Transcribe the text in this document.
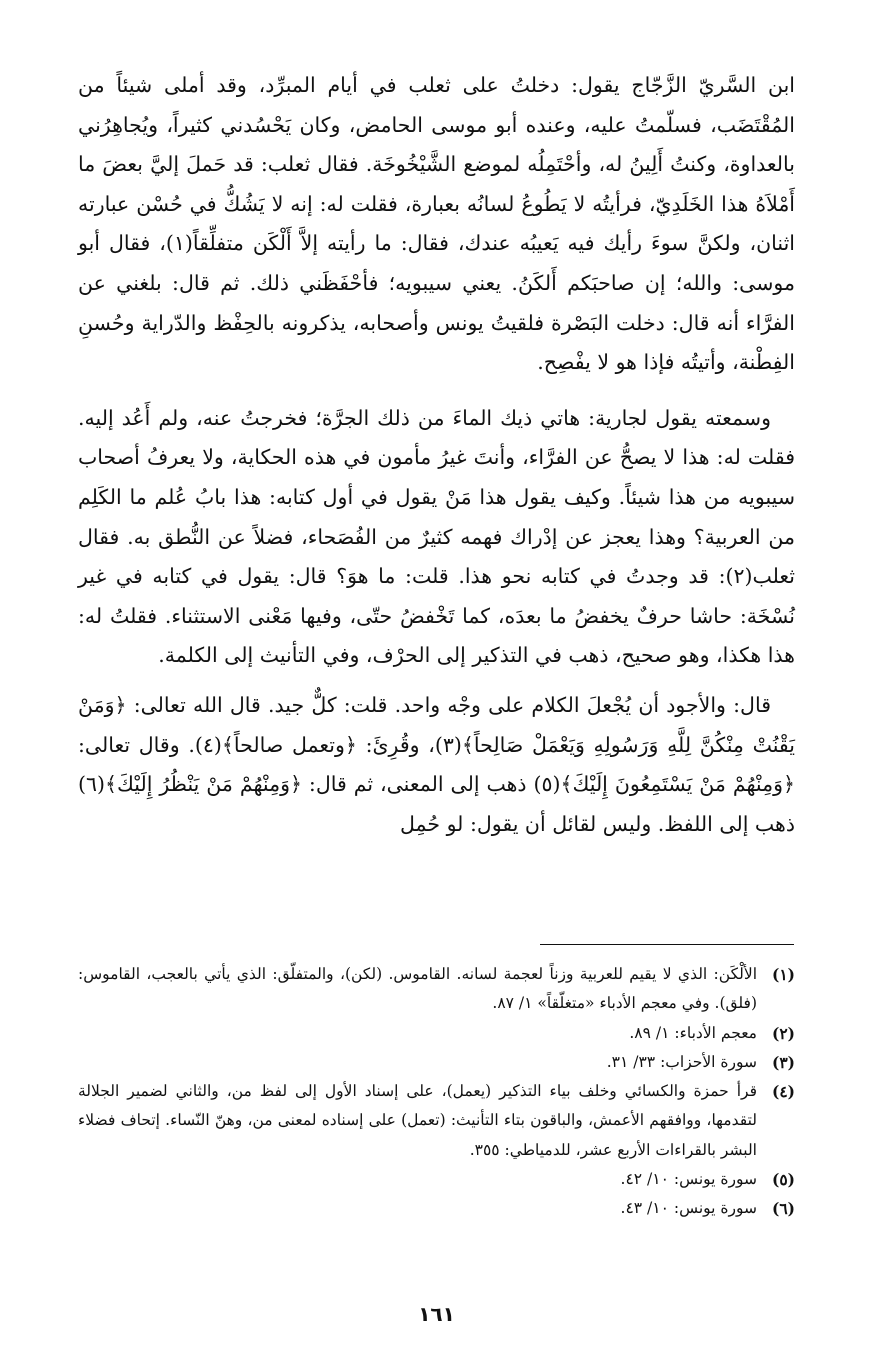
ابن السَّريّ الزَّجّاج يقول: دخلتُ على ثعلب في أيام المبرِّد، وقد أملى شيئاً من المُقْتَضَب، فسلّمتُ عليه، وعنده أبو موسى الحامض، وكان يَحْسُدني كثيراً، ويُجاهِرُني بالعداوة، وكنتُ أَلِينُ له، وأحْتَمِلُه لموضع الشَّيْخُوخَة. فقال ثعلب: قد حَملَ إليَّ بعضَ ما أَمْلاَهُ هذا الخَلَدِيّ، فرأيتُه لا يَطُوعُ لسانُه بعبارة، فقلت له: إنه لا يَشُكُّ في حُسْن عبارته اثنان، ولكنَّ سوءَ رأيك فيه يَعيبُه عندك، فقال: ما رأيته إلاَّ أَلْكَن متفلِّقاً(١)، فقال أبو موسى: والله؛ إن صاحبَكم أَلكَنُ. يعني سيبويه؛ فأحْفَظَني ذلك. ثم قال: بلغني عن الفرَّاء أنه قال: دخلت البَصْرة فلقيتُ يونس وأصحابه، يذكرونه بالحِفْظ والدّراية وحُسنِ الفِطْنة، وأتيتُه فإذا هو لا يفْصِح.

وسمعته يقول لجارية: هاتي ذيك الماءَ من ذلك الجرَّة؛ فخرجتُ عنه، ولم أَعُد إليه. فقلت له: هذا لا يصحُّ عن الفرَّاء، وأنتَ غيرُ مأمون في هذه الحكاية، ولا يعرفُ أصحاب سيبويه من هذا شيئاً. وكيف يقول هذا مَنْ يقول في أول كتابه: هذا بابُ عُلم ما الكَلِم من العربية؟ وهذا يعجز عن إدْراك فهمه كثيرٌ من الفُصَحاء، فضلاً عن النُّطق به. فقال ثعلب(٢): قد وجدتُ في كتابه نحو هذا. قلت: ما هوَ؟ قال: يقول في كتابه في غير نُسْخَة: حاشا حرفٌ يخفضُ ما بعدَه، كما تَخْفضُ حتّى، وفيها مَعْنى الاستثناء. فقلتُ له: هذا هكذا، وهو صحيح، ذهب في التذكير إلى الحرْف، وفي التأنيث إلى الكلمة.

قال: والأجود أن يُجْعلَ الكلام على وجْه واحد. قلت: كلٌّ جيد. قال الله تعالى: ﴿وَمَنْ يَقْنُتْ مِنْكُنَّ لِلَّهِ وَرَسُولِهِ وَيَعْمَلْ صَالِحاً﴾(٣)، وقُرِئَ: ﴿وتعمل صالحاً﴾(٤). وقال تعالى: ﴿وَمِنْهُمْ مَنْ يَسْتَمِعُونَ إِلَيْكَ﴾(٥) ذهب إلى المعنى، ثم قال: ﴿وَمِنْهُمْ مَنْ يَنْظُرُ إِلَيْكَ﴾(٦) ذهب إلى اللفظ. وليس لقائل أن يقول: لو حُمِل

(١)
الألْكَن: الذي لا يقيم للعربية وزناً لعجمة لسانه. القاموس. (لكن)، والمتفلّق: الذي يأتي بالعجب، القاموس: (فلق). وفي معجم الأدباء «متغلّقاً» ١/ ٨٧.
(٢)
معجم الأدباء: ١/ ٨٩.
(٣)
سورة الأحزاب: ٣٣/ ٣١.
(٤)
قرأ حمزة والكسائي وخلف بياء التذكير (يعمل)، على إسناد الأول إلى لفظ من، والثاني لضمير الجلالة لتقدمها، ووافقهم الأعمش، والباقون بتاء التأنيث: (تعمل) على إسناده لمعنى من، وهنّ النّساء. إتحاف فضلاء البشر بالقراءات الأربع عشر، للدمياطي: ٣٥٥.
(٥)
سورة يونس: ١٠/ ٤٢.
(٦)
سورة يونس: ١٠/ ٤٣.
١٦١
